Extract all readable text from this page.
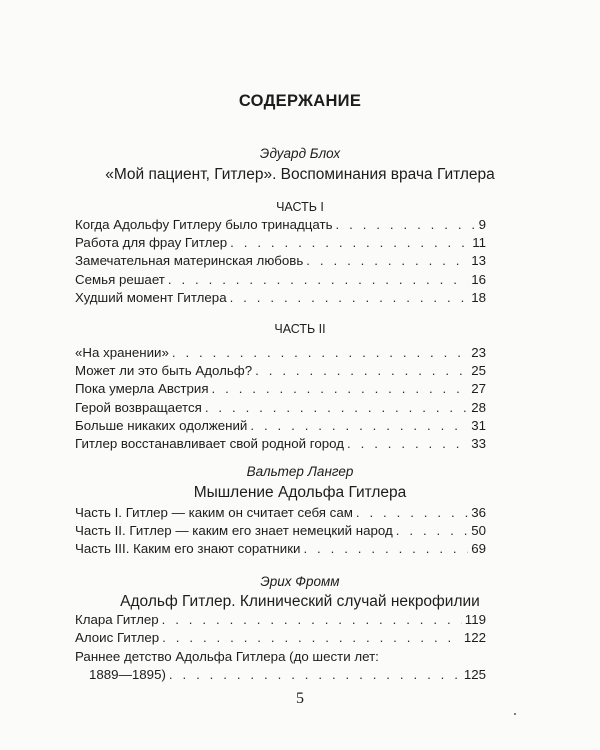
СОДЕРЖАНИЕ
Эдуард Блох
«Мой пациент, Гитлер». Воспоминания врача Гитлера
ЧАСТЬ I
Когда Адольфу Гитлеру было тринадцать . . .	9
Работа для фрау Гитлер . . .	11
Замечательная материнская любовь . . .	13
Семья решает . . .	16
Худший момент Гитлера . . .	18
ЧАСТЬ II
«На хранении» . . .	23
Может ли это быть Адольф? . . .	25
Пока умерла Австрия . . .	27
Герой возвращается . . .	28
Больше никаких одолжений . . .	31
Гитлер восстанавливает свой родной город . . .	33
Вальтер Лангер
Мышление Адольфа Гитлера
Часть I. Гитлер — каким он считает себя сам . . .	36
Часть II. Гитлер — каким его знает немецкий народ . . .	50
Часть III. Каким его знают соратники . . .	69
Эрих Фромм
Адольф Гитлер. Клинический случай некрофилии
Клара Гитлер . . .	119
Алоис Гитлер . . .	122
Раннее детство Адольфа Гитлера (до шести лет:
1889—1895) . . .	125
5
